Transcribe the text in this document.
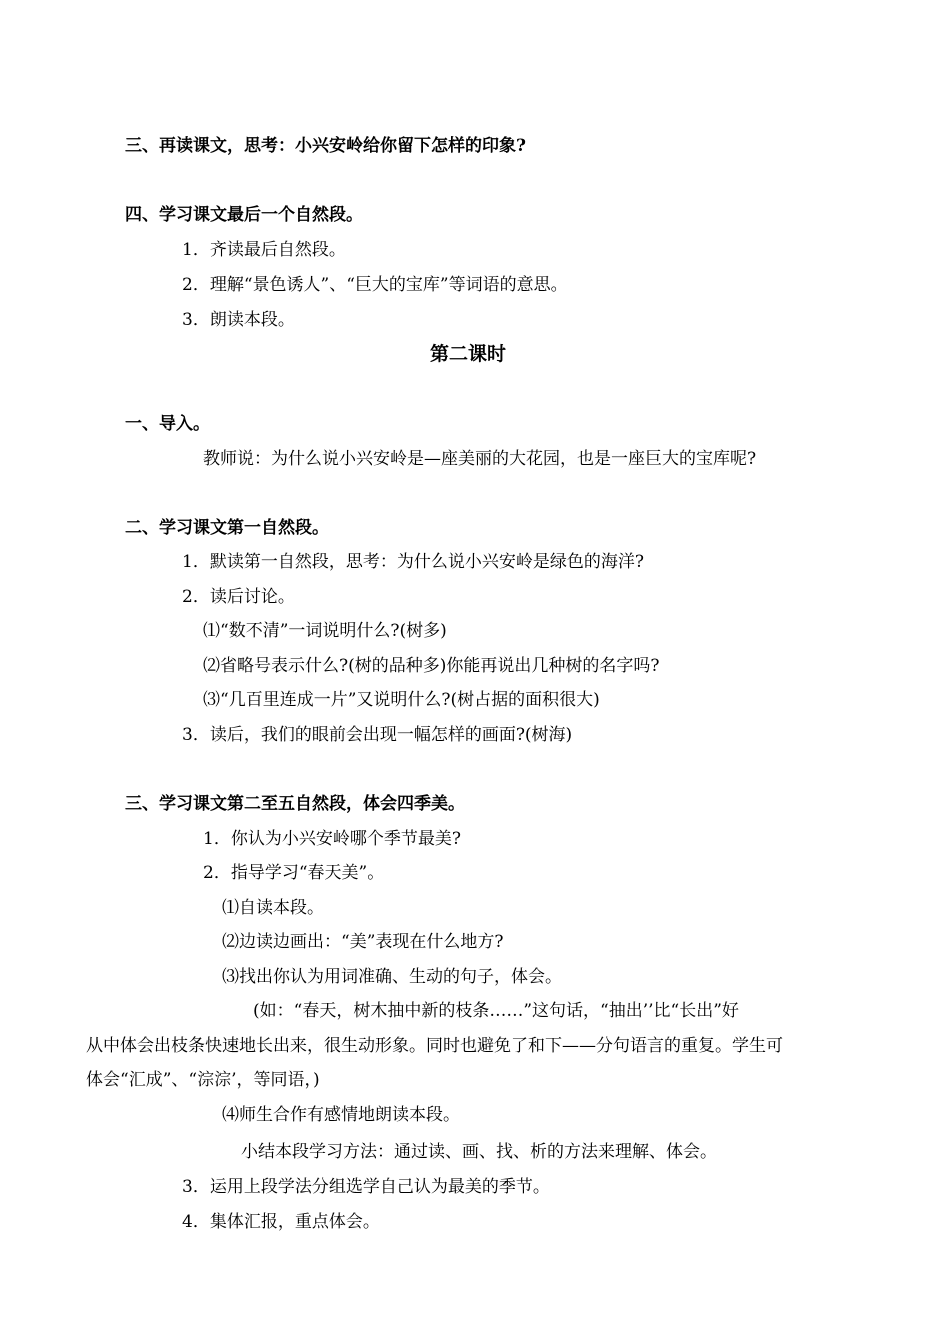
三、再读课文，思考：小兴安岭给你留下怎样的印象?
四、学习课文最后一个自然段。
1．齐读最后自然段。
2．理解“景色诱人”、“巨大的宝库”等词语的意思。
3．朗读本段。
第二课时
一、导入。
教师说：为什么说小兴安岭是—座美丽的大花园，也是一座巨大的宝库呢?
二、学习课文第一自然段。
1．默读第一自然段，思考：为什么说小兴安岭是绿色的海洋?
2．读后讨论。
⑴“数不清”一词说明什么?(树多)
⑵省略号表示什么?(树的品种多)你能再说出几种树的名字吗?
⑶“几百里连成一片”又说明什么?(树占据的面积很大)
3．读后，我们的眼前会出现一幅怎样的画面?(树海)
三、学习课文第二至五自然段，体会四季美。
1．你认为小兴安岭哪个季节最美?
2．指导学习“春天美”。
⑴自读本段。
⑵边读边画出：“美”表现在什么地方?
⑶找出你认为用词准确、生动的句子，体会。
(如：“春天，树木抽中新的枝条……”这句话，“抽出’’比“长出”好
从中体会出枝条快速地长出来，很生动形象。同时也避免了和下——分句语言的重复。学生可
体会“汇成”、“淙淙’，等同语，)
⑷师生合作有感情地朗读本段。
小结本段学习方法：通过读、画、找、析的方法来理解、体会。
3．运用上段学法分组选学自己认为最美的季节。
4．集体汇报，重点体会。
